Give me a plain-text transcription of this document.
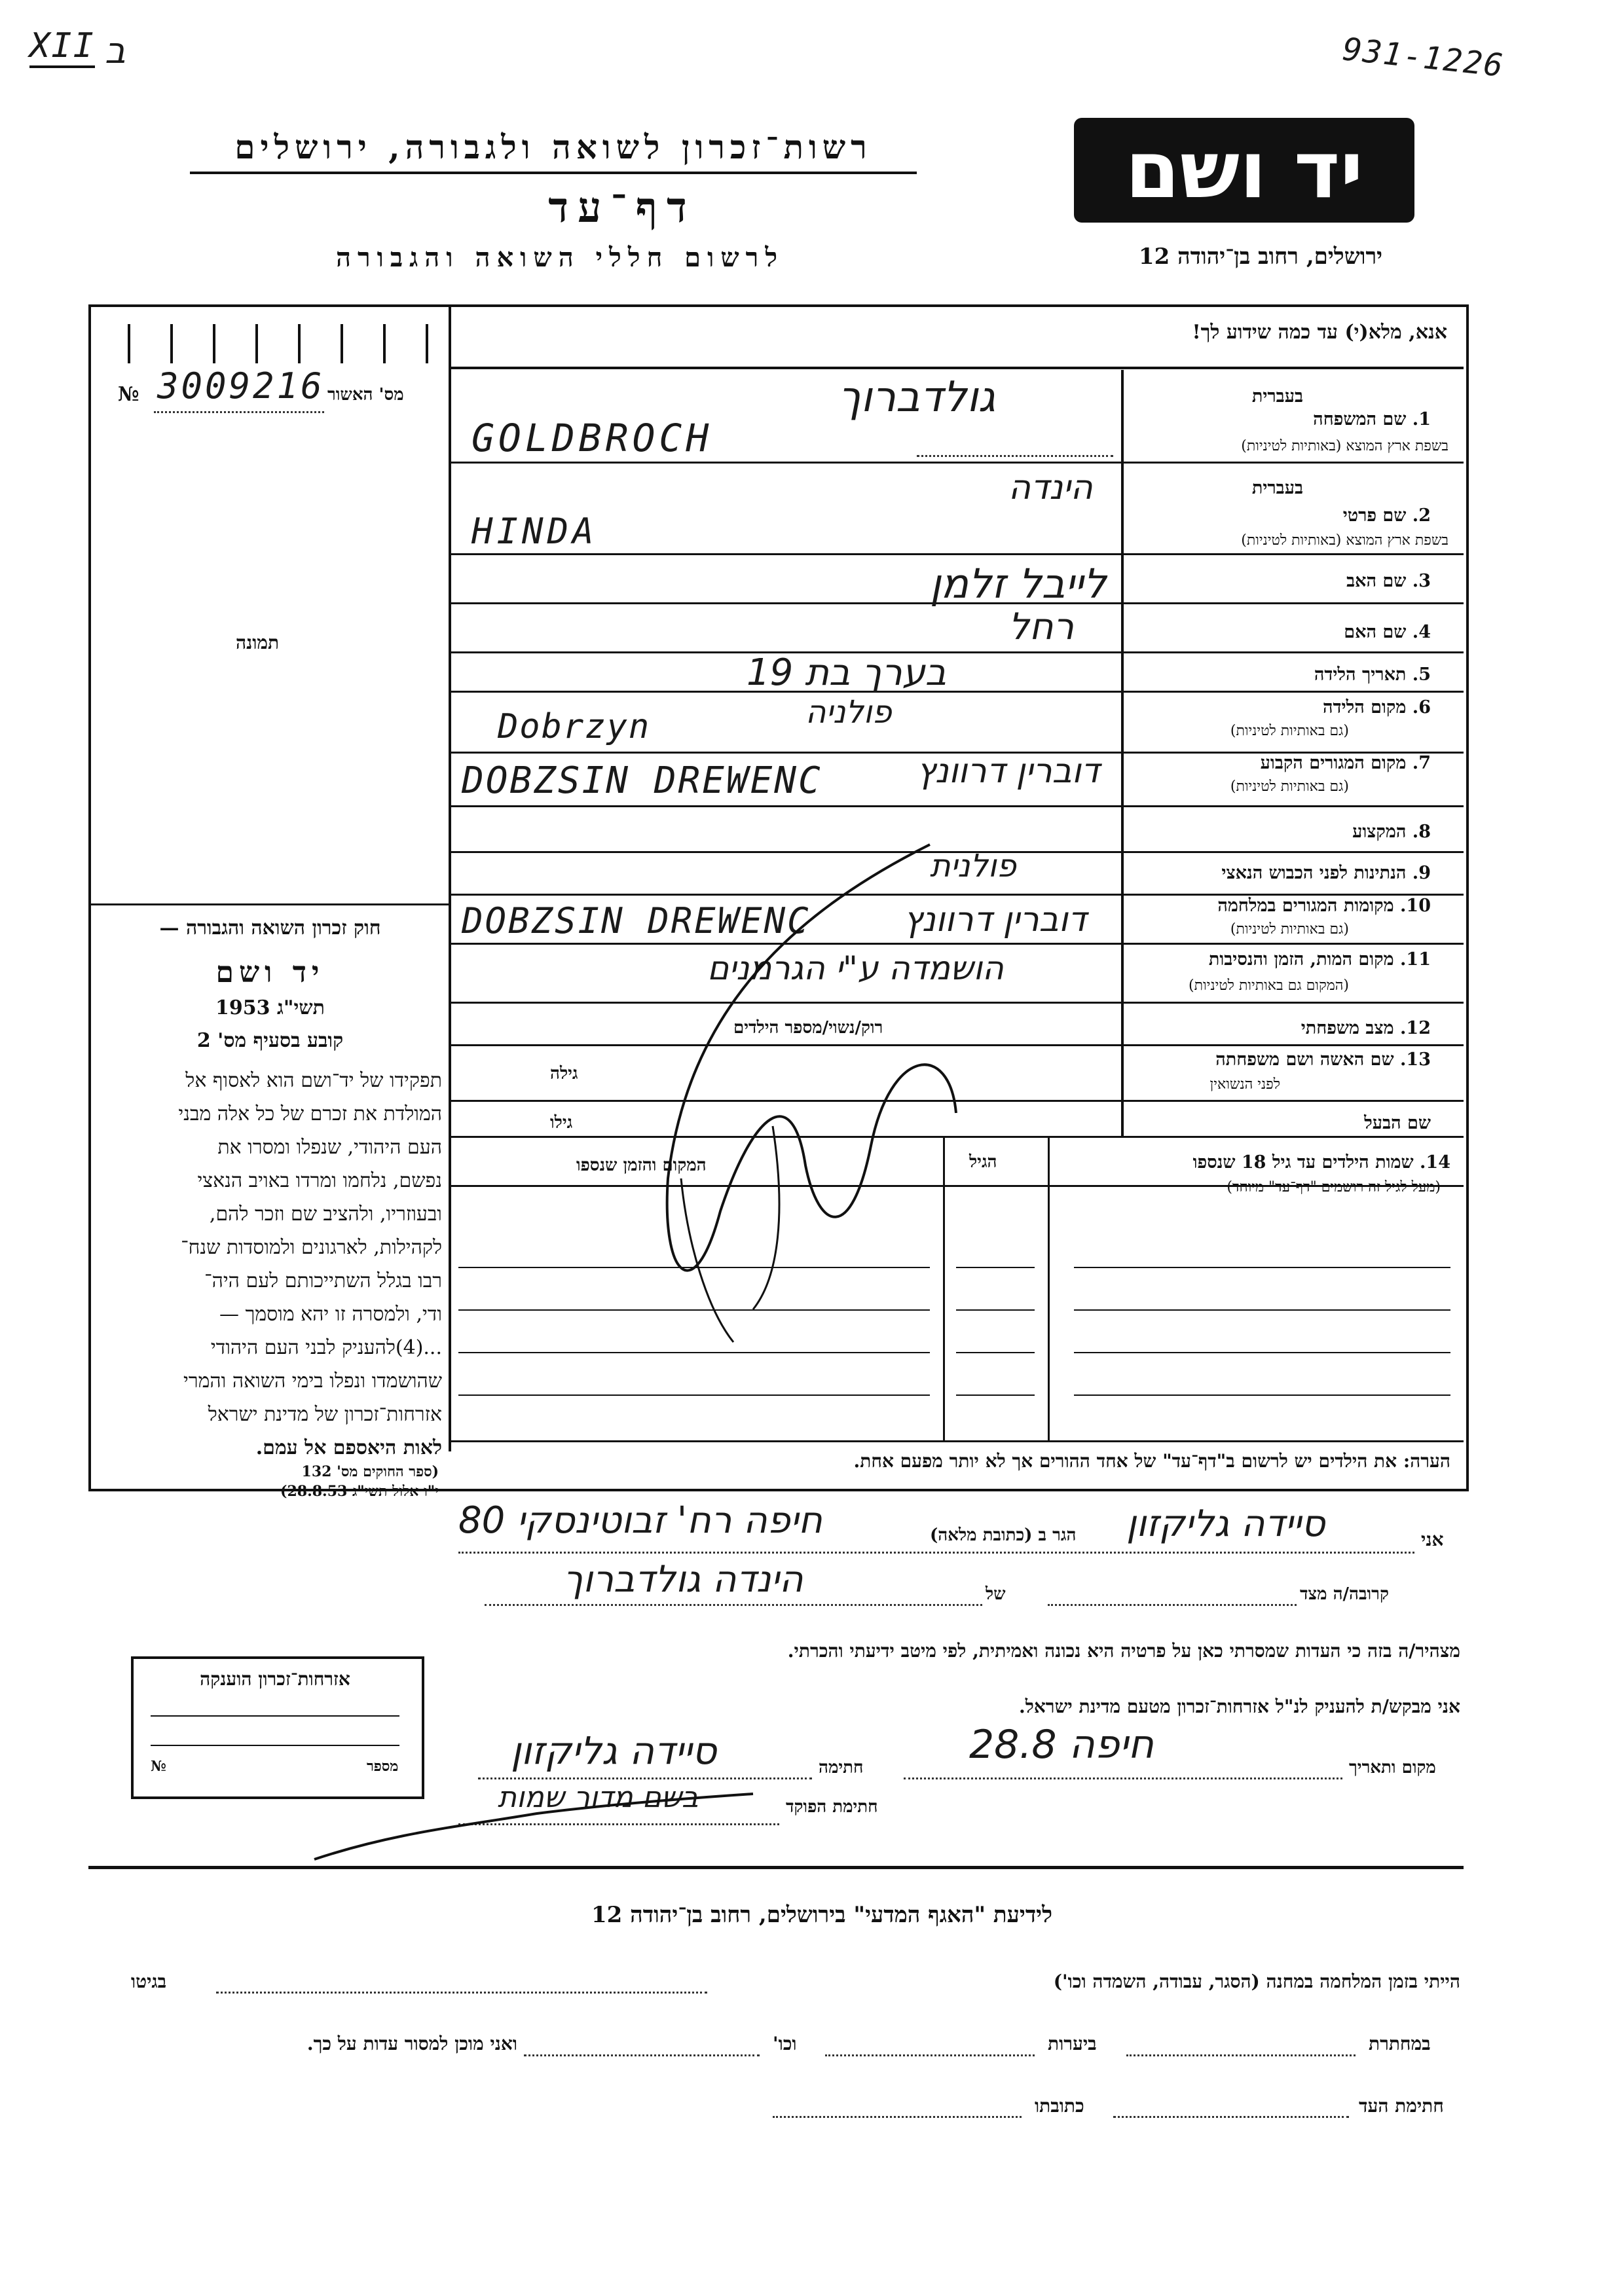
XII ב	931-1226
יד ושם
רשות־זכרון לשואה ולגבורה, ירושלים
דף־עד
לרשום חללי השואה והגבורה	ירושלים, רחוב בן־יהודה 12
אנא, מלא(י) עד כמה שידוע לך!
№ 3009216 מס' האשור
תמונה
בעברית
1. שם המשפחה
בשפת ארץ המוצא (באותיות לטיניות)
גולדברוך
GOLDBROCH
בעברית
2. שם פרטי
בשפת ארץ המוצא (באותיות לטיניות)
הינדה
HINDA
3. שם האב
לייבל זלמן
4. שם האם
רחל
5. תאריך הלידה
בערך בת 19
6. מקום הלידה
(גם באותיות לטיניות)
פולניה
Dobrzyn
7. מקום המגורים הקבוע
(גם באותיות לטיניות)
דוברין דרוונץ
DOBZSIN DREWENC
8. המקצוע
9. הנתינות לפני הכבוש הנאצי
פולנית
10. מקומות המגורים במלחמה
(גם באותיות לטיניות)
דוברין דרוונץ
DOBZSIN DREWENC
11. מקום המות, הזמן והנסיבות
(המקום גם באותיות לטיניות)
הושמדה ע"י הגרמנים
12. מצב משפחתי
רוק/נשוי/מספר הילדים
13. שם האשה ושם משפחתה
לפני הנשואין
גילה
שם הבעל
גילו
14. שמות הילדים עד גיל 18 שנספו
(מעל לגיל זה רושמים "דף־עד" מיוחד)
הגיל
המקום והזמן שנספו
הערה: את הילדים יש לרשום ב"דף־עד" של אחד ההורים אך לא יותר מפעם אחת.
חוק זכרון השואה והגבורה —
יד ושם
תשי"ג 1953
קובע בסעיף מס' 2
תפקידו של יד־ושם הוא לאסוף אל
המולדת את זכרם של כל אלה מבני
העם היהודי, שנפלו ומסרו את
נפשם, נלחמו ומרדו באויב הנאצי
ובעוזריו, ולהציב שם וזכר להם,
לקהילות, לארגונים ולמוסדות שנח־
רבו בגלל השתייכותם לעם היה־
ודי, ולמסרה זו יהא מוסמך —
...(4)להעניק לבני העם היהודי
שהושמדו ונפלו בימי השואה והמרי
אזרחות־זכרון של מדינת ישראל
לאות היאספם אל עמם.
(ספר החוקים מס' 132
י"ו אלול תשי"ג 28.8.53)
אני
סיידה גליקזון
הגר ב (כתובת מלאה)
חיפה רח' זבוטינסקי 80
קרובה/ה מצד
של
הינדה גולדברוך
מצהיר/ה בזה כי העדות שמסרתי כאן על פרטיה היא נכונה ואמיתית, לפי מיטב ידיעתי והכרתי.
אני מבקש/ת להעניק לנ"ל אזרחות־זכרון מטעם מדינת ישראל.
מקום ותאריך
חיפה 28.8
חתימה
סיידה גליקזון
חתימת הפוקד
בשם מדור שמות
אזרחות־זכרון הוענקה
מספר
№
לידיעת "האגף המדעי" בירושלים, רחוב בן־יהודה 12
הייתי בזמן המלחמה במחנה (הסגר, עבודה, השמדה וכו')
בגיטו
במחתרת
ביערות
וכו'
ואני מוכן למסור עדות על כך.
חתימת העד
כתובתו
